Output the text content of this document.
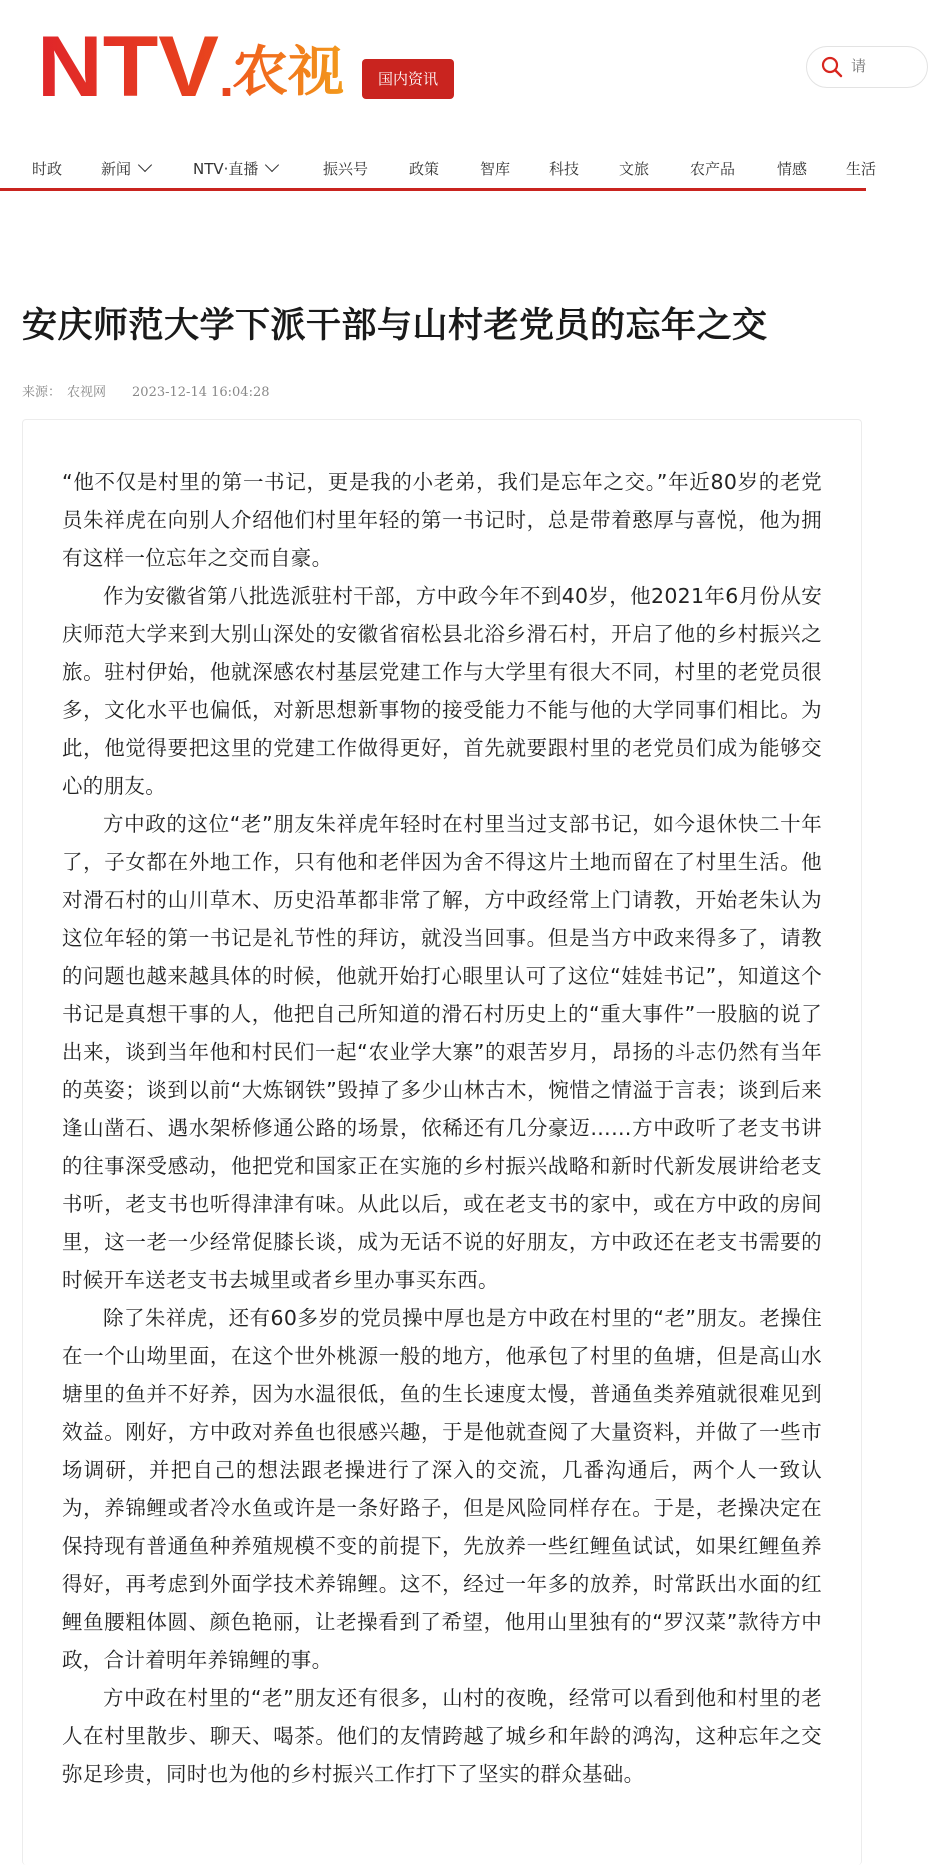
NTV .
农视	国内资讯
请
时政	新闻	NTV·直播	振兴号	政策	智库	科技	文旅	农产品	情感	生活
安庆师范大学下派干部与山村老党员的忘年之交
来源： 农视网 2023-12-14 16:04:28

“他不仅是村里的第一书记，更是我的小老弟，我们是忘年之交。”年近80岁的老党员朱祥虎在向别人介绍他们村里年轻的第一书记时，总是带着憨厚与喜悦，他为拥有这样一位忘年之交而自豪。

作为安徽省第八批选派驻村干部，方中政今年不到40岁，他2021年6月份从安庆师范大学来到大别山深处的安徽省宿松县北浴乡滑石村，开启了他的乡村振兴之旅。驻村伊始，他就深感农村基层党建工作与大学里有很大不同，村里的老党员很多，文化水平也偏低，对新思想新事物的接受能力不能与他的大学同事们相比。为此，他觉得要把这里的党建工作做得更好，首先就要跟村里的老党员们成为能够交心的朋友。

方中政的这位“老”朋友朱祥虎年轻时在村里当过支部书记，如今退休快二十年了，子女都在外地工作，只有他和老伴因为舍不得这片土地而留在了村里生活。他对滑石村的山川草木、历史沿革都非常了解，方中政经常上门请教，开始老朱认为这位年轻的第一书记是礼节性的拜访，就没当回事。但是当方中政来得多了，请教的问题也越来越具体的时候，他就开始打心眼里认可了这位“娃娃书记”，知道这个书记是真想干事的人，他把自己所知道的滑石村历史上的“重大事件”一股脑的说了出来，谈到当年他和村民们一起“农业学大寨”的艰苦岁月，昂扬的斗志仍然有当年的英姿；谈到以前“大炼钢铁”毁掉了多少山林古木，惋惜之情溢于言表；谈到后来逢山凿石、遇水架桥修通公路的场景，依稀还有几分豪迈……方中政听了老支书讲的往事深受感动，他把党和国家正在实施的乡村振兴战略和新时代新发展讲给老支书听，老支书也听得津津有味。从此以后，或在老支书的家中，或在方中政的房间里，这一老一少经常促膝长谈，成为无话不说的好朋友，方中政还在老支书需要的时候开车送老支书去城里或者乡里办事买东西。

除了朱祥虎，还有60多岁的党员操中厚也是方中政在村里的“老”朋友。老操住在一个山坳里面，在这个世外桃源一般的地方，他承包了村里的鱼塘，但是高山水塘里的鱼并不好养，因为水温很低，鱼的生长速度太慢，普通鱼类养殖就很难见到效益。刚好，方中政对养鱼也很感兴趣，于是他就查阅了大量资料，并做了一些市场调研，并把自己的想法跟老操进行了深入的交流，几番沟通后，两个人一致认为，养锦鲤或者冷水鱼或许是一条好路子，但是风险同样存在。于是，老操决定在保持现有普通鱼种养殖规模不变的前提下，先放养一些红鲤鱼试试，如果红鲤鱼养得好，再考虑到外面学技术养锦鲤。这不，经过一年多的放养，时常跃出水面的红鲤鱼腰粗体圆、颜色艳丽，让老操看到了希望，他用山里独有的“罗汉菜”款待方中政，合计着明年养锦鲤的事。

方中政在村里的“老”朋友还有很多，山村的夜晚，经常可以看到他和村里的老人在村里散步、聊天、喝茶。他们的友情跨越了城乡和年龄的鸿沟，这种忘年之交弥足珍贵，同时也为他的乡村振兴工作打下了坚实的群众基础。
